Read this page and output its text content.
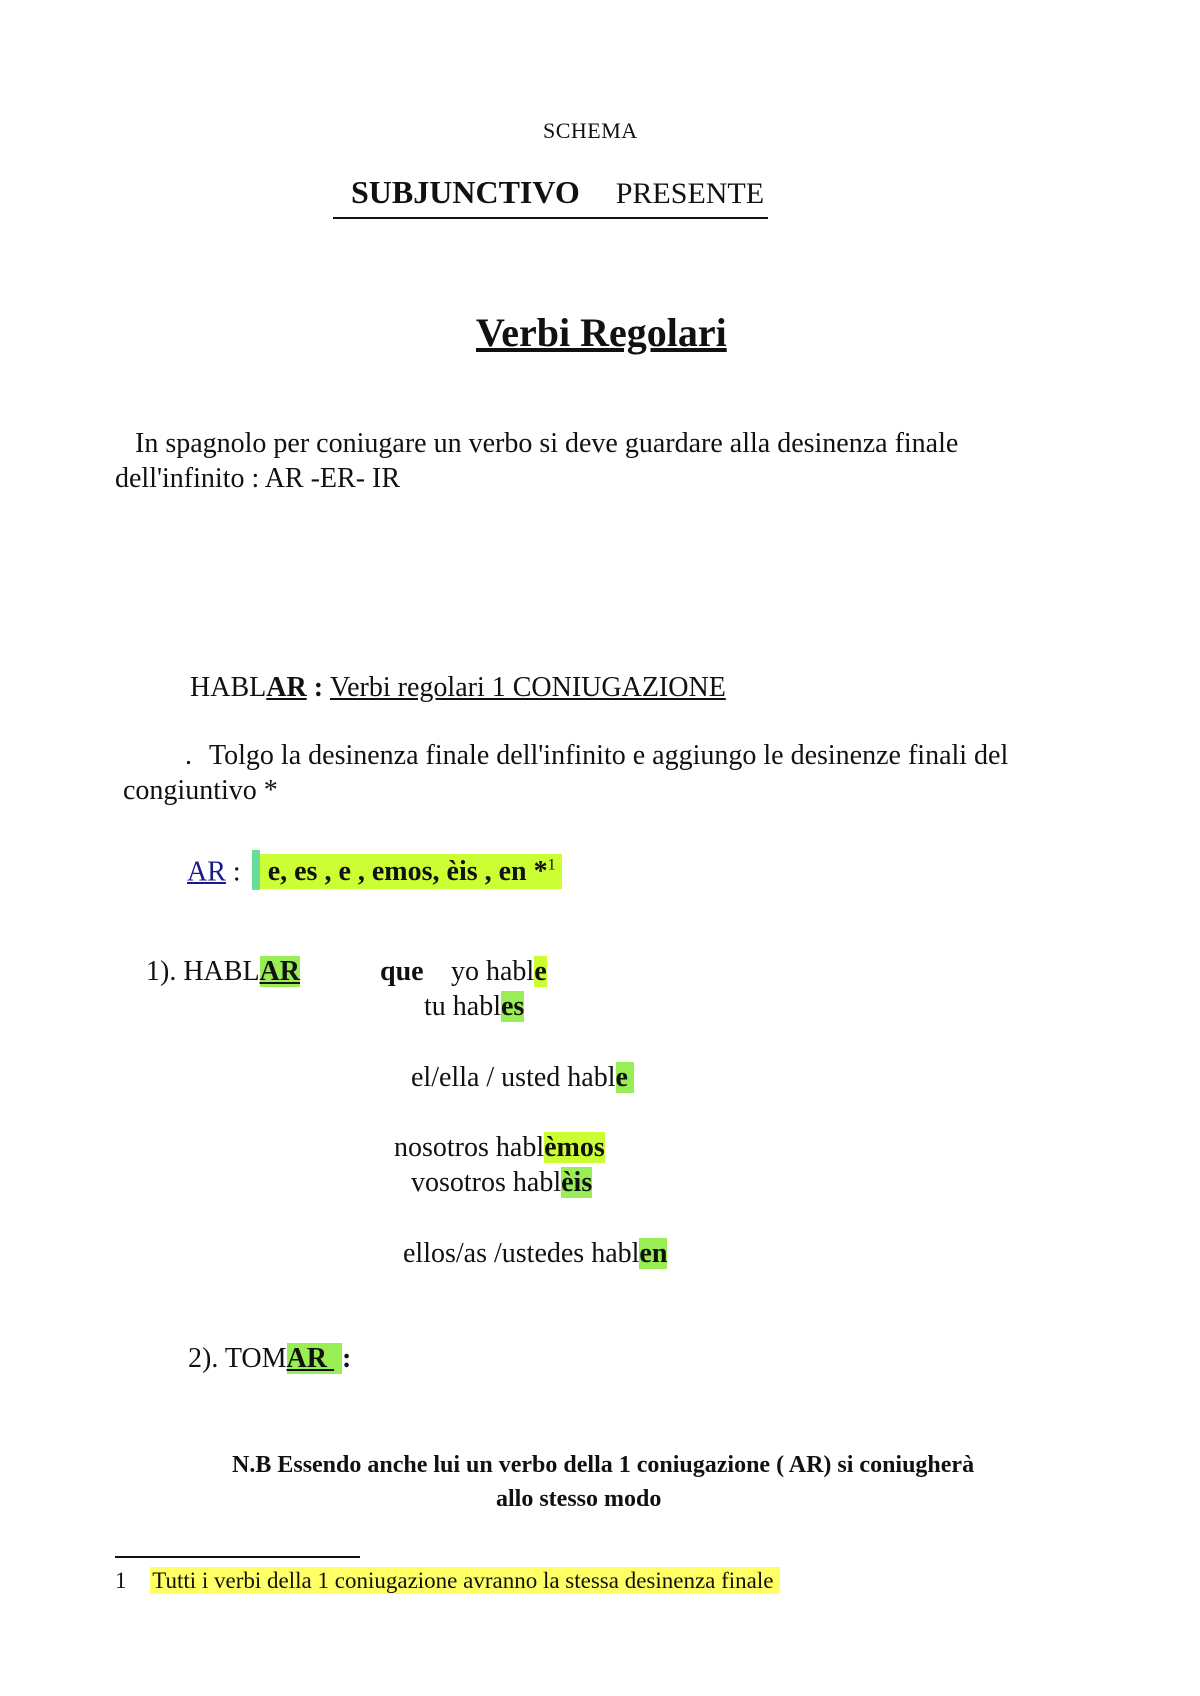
SCHEMA
SUBJUNCTIVO PRESENTE
Verbi Regolari
In spagnolo per coniugare un verbo si deve guardare alla desinenza finale
dell'infinito : AR -ER- IR
HABLAR : Verbi regolari 1 CONIUGAZIONE
. Tolgo la desinenza finale dell'infinito e aggiungo le desinenze finali del
congiuntivo *
AR : e, es , e , emos, èis , en *$^1$
1). HABLAR	que yo hable
tu hables
el/ella / usted hable
nosotros hablèmos
vosotros hablèis
ellos/as /ustedes hablen
2). TOMAR :
N.B Essendo anche lui un verbo della 1 coniugazione ( AR) si coniugherà
allo stesso modo
1 Tutti i verbi della 1 coniugazione avranno la stessa desinenza finale
